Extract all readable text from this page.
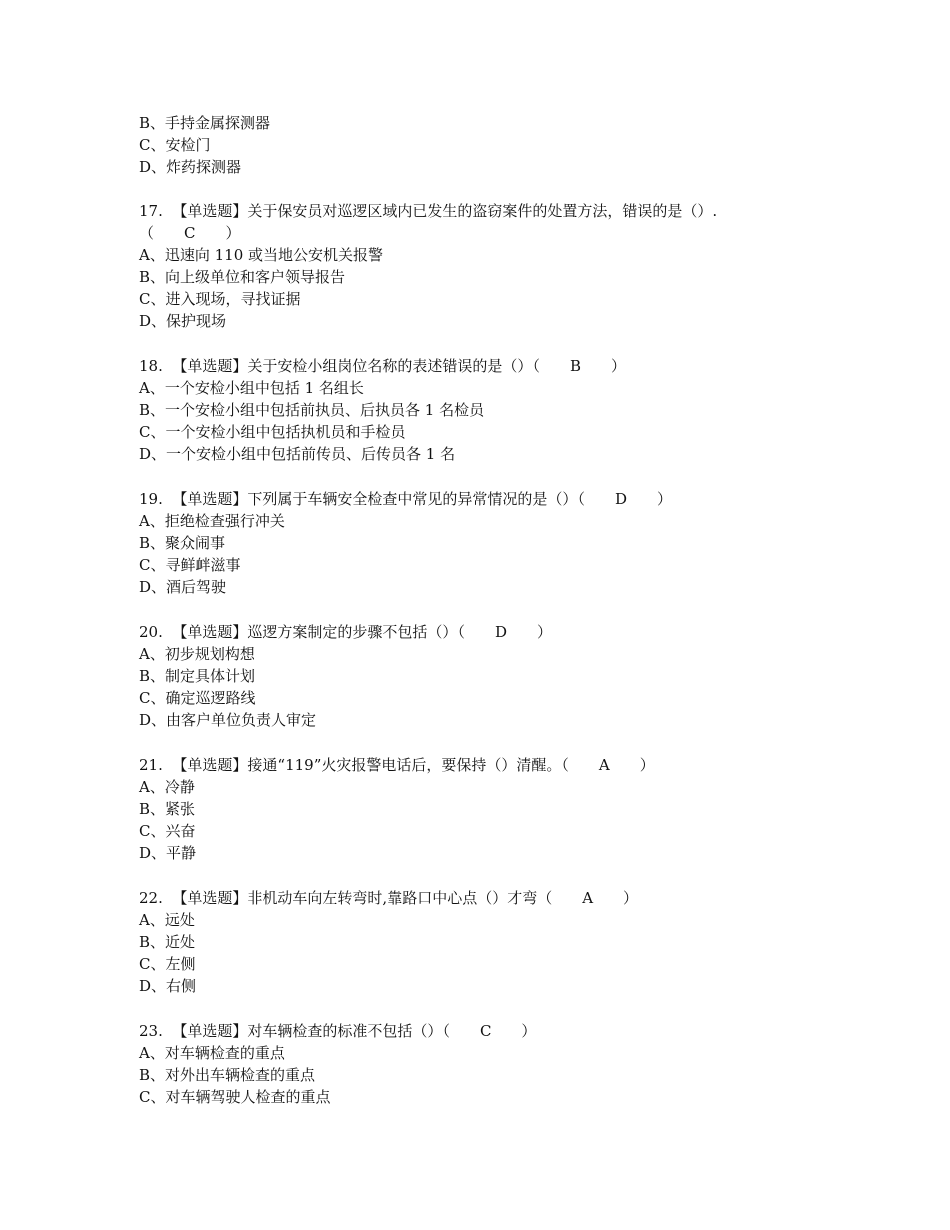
B、手持金属探测器
C、安检门
D、炸药探测器
17. 【单选题】关于保安员对巡逻区域内已发生的盗窃案件的处置方法，错误的是（）.
（　　C　　）
A、迅速向 110 或当地公安机关报警
B、向上级单位和客户领导报告
C、进入现场，寻找证据
D、保护现场
18. 【单选题】关于安检小组岗位名称的表述错误的是（）（　　B　　）
A、一个安检小组中包括 1 名组长
B、一个安检小组中包括前执员、后执员各 1 名检员
C、一个安检小组中包括执机员和手检员
D、一个安检小组中包括前传员、后传员各 1 名
19. 【单选题】下列属于车辆安全检查中常见的异常情况的是（）（　　D　　）
A、拒绝检查强行冲关
B、聚众闹事
C、寻鲜衅滋事
D、酒后驾驶
20. 【单选题】巡逻方案制定的步骤不包括（）（　　D　　）
A、初步规划构想
B、制定具体计划
C、确定巡逻路线
D、由客户单位负责人审定
21. 【单选题】接通“119”火灾报警电话后，要保持（）清醒。（　　A　　）
A、冷静
B、紧张
C、兴奋
D、平静
22. 【单选题】非机动车向左转弯时,靠路口中心点（）才弯（　　A　　）
A、远处
B、近处
C、左侧
D、右侧
23. 【单选题】对车辆检查的标准不包括（）（　　C　　）
A、对车辆检查的重点
B、对外出车辆检查的重点
C、对车辆驾驶人检查的重点
